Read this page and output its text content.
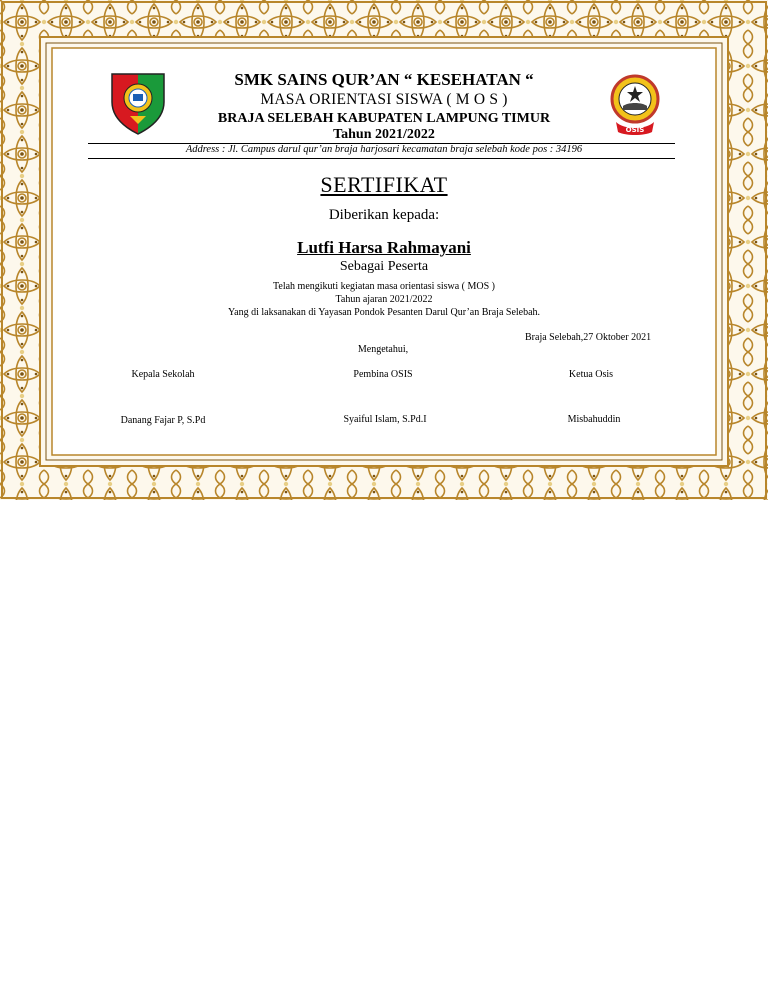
OSIS
SMK SAINS QUR’AN “ KESEHATAN “
MASA ORIENTASI SISWA ( M O S )
BRAJA SELEBAH KABUPATEN LAMPUNG TIMUR
Tahun 2021/2022
Address : Jl. Campus darul qur’an braja harjosari kecamatan braja selebah kode pos : 34196
SERTIFIKAT
Diberikan kepada:
Lutfi Harsa Rahmayani
Sebagai Peserta
Telah mengikuti kegiatan masa orientasi siswa ( MOS )
Tahun ajaran 2021/2022
Yang di laksanakan di Yayasan Pondok Pesanten Darul Qur’an Braja Selebah.
Braja Selebah,27 Oktober 2021
Mengetahui,
Kepala Sekolah	Pembina OSIS	Ketua Osis
Danang Fajar P, S.Pd	Syaiful Islam, S.Pd.I	Misbahuddin
